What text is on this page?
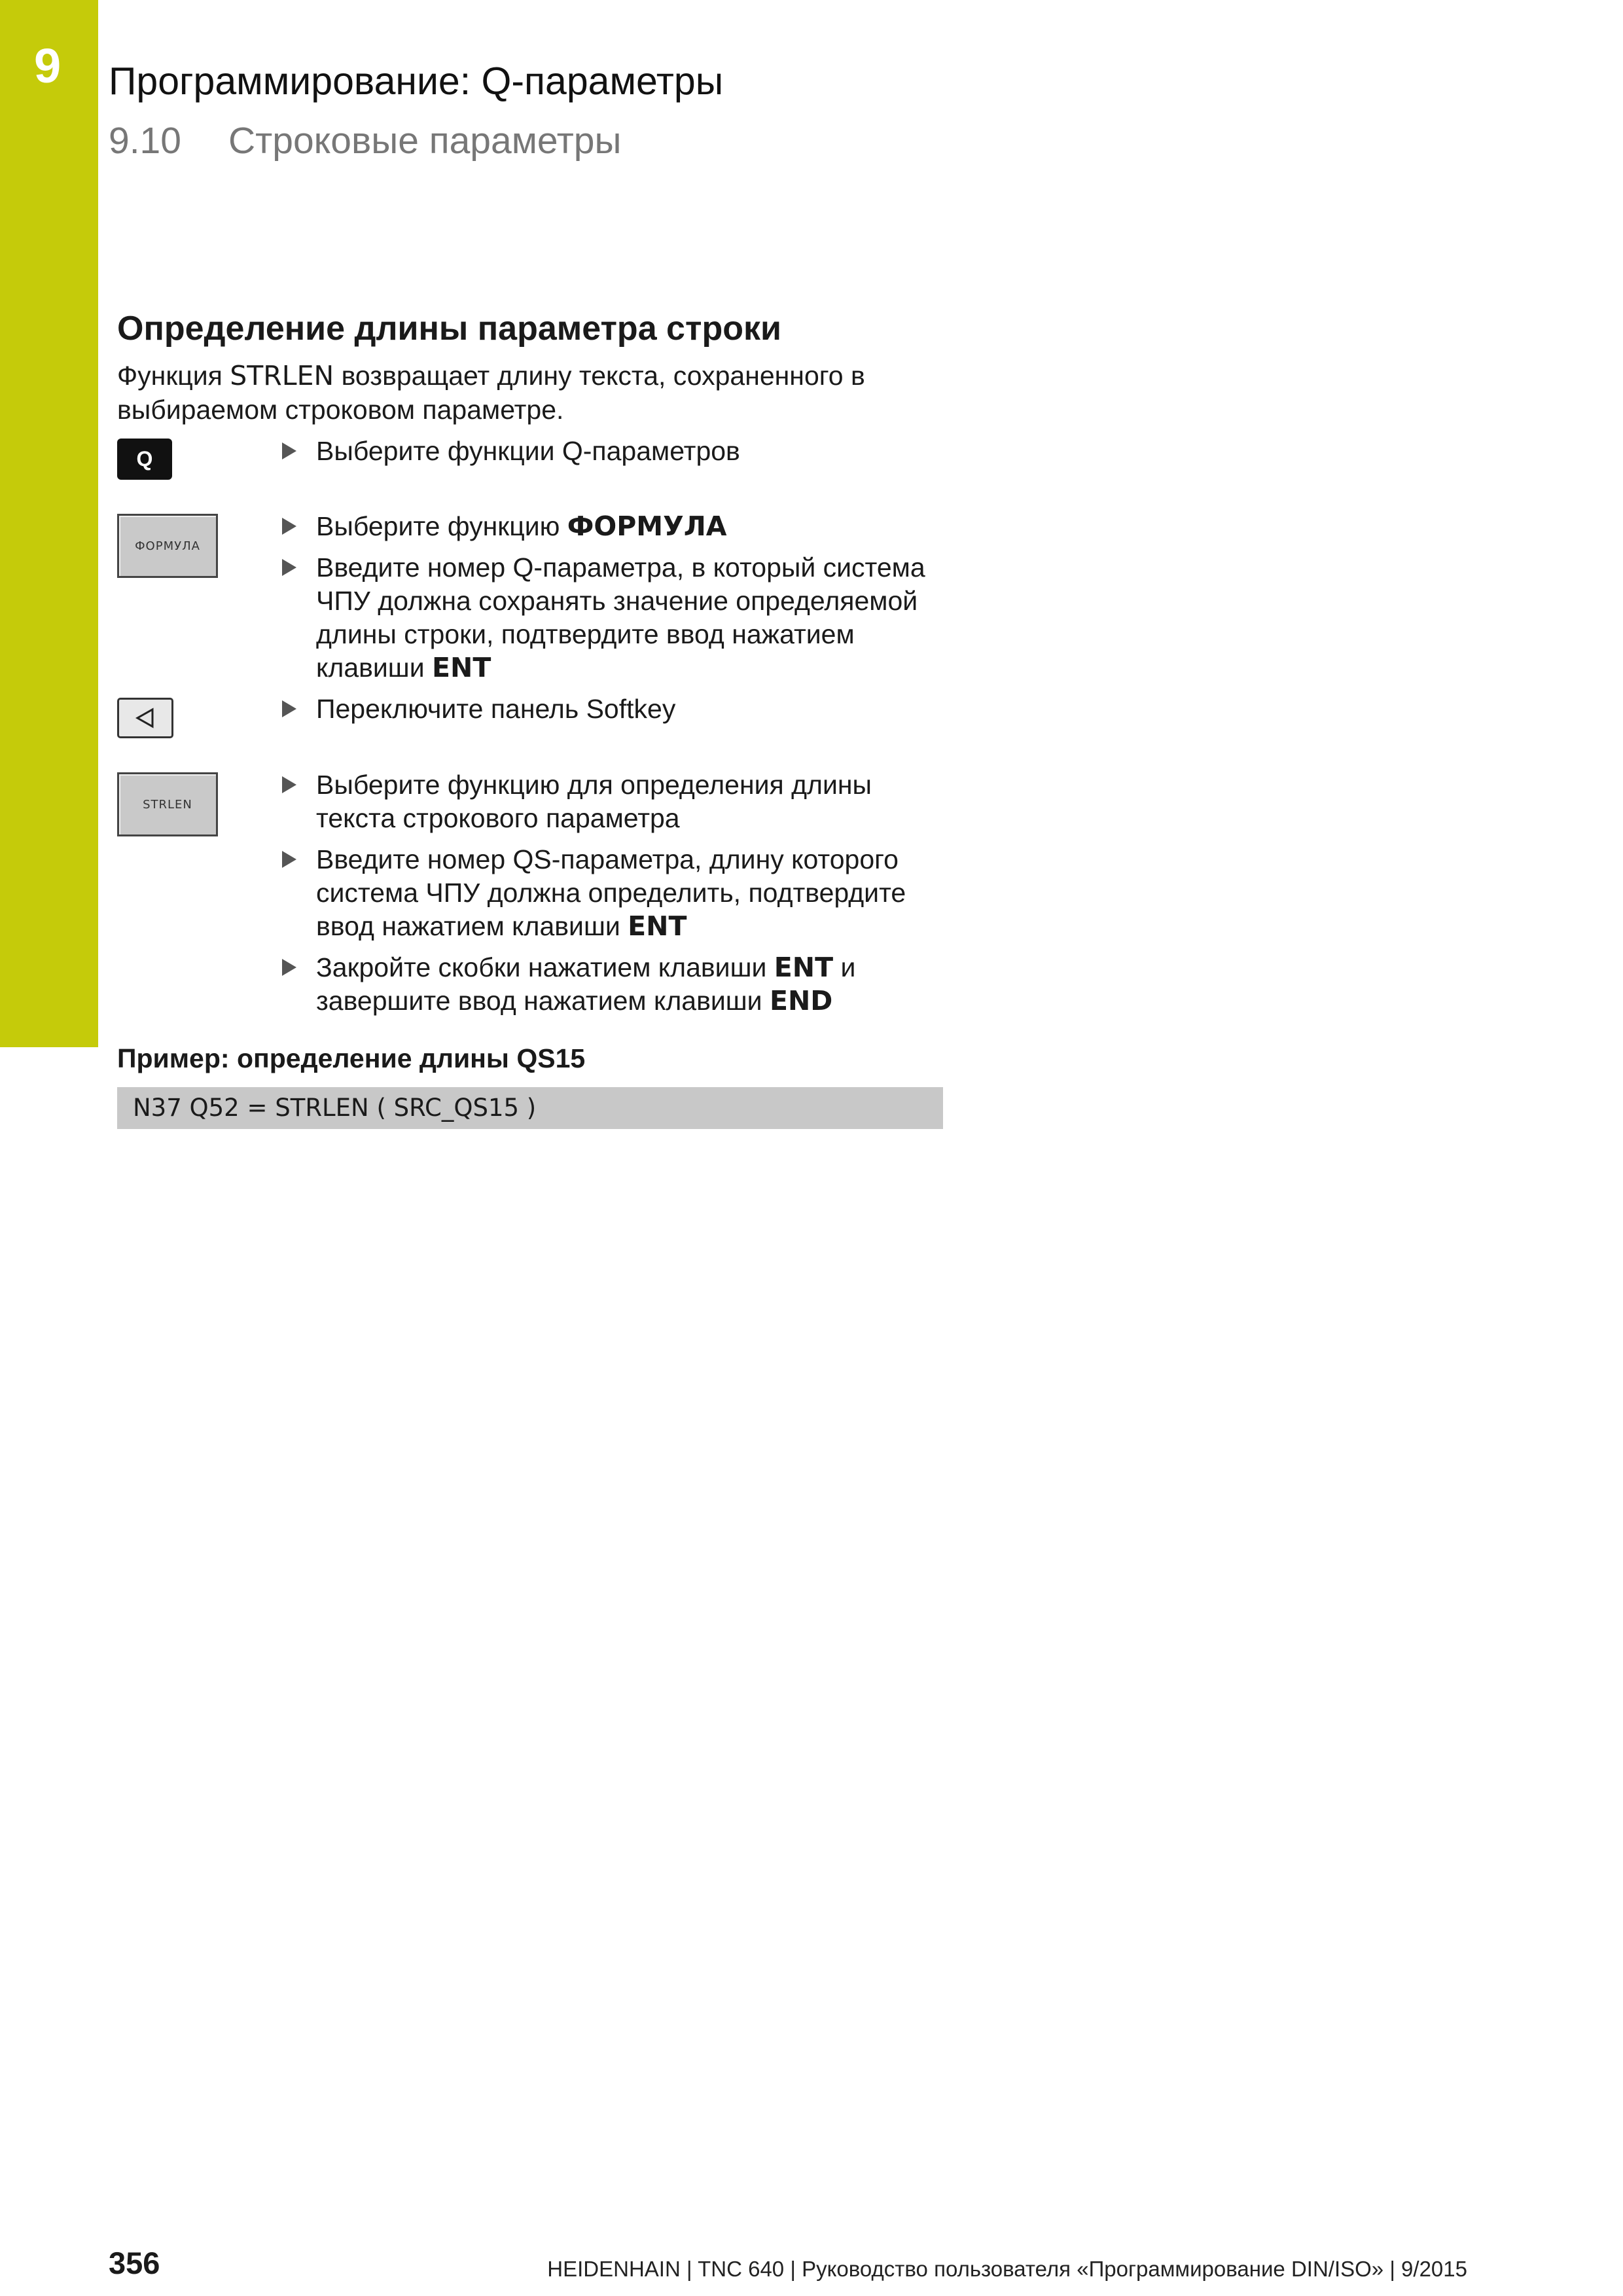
9 Программирование: Q-параметры
9.10 Строковые параметры
Определение длины параметра строки

Функция STRLEN возвращает длину текста, сохраненного в выбираемом строковом параметре.

Q	Выберите функции Q-параметров
ФОРМУЛА
Выберите функцию ФОРМУЛА
Введите номер Q-параметра, в который система ЧПУ должна сохранять значение определяемой длины строки, подтвердите ввод нажатием клавиши ENT
Переключите панель Softkey
STRLEN
Выберите функцию для определения длины текста строкового параметра
Введите номер QS-параметра, длину которого система ЧПУ должна определить, подтвердите ввод нажатием клавиши ENT
Закройте скобки нажатием клавиши ENT и завершите ввод нажатием клавиши END
Пример: определение длины QS15
N37 Q52 = STRLEN ( SRC_QS15 )
356	HEIDENHAIN | TNC 640 | Руководство пользователя «Программирование DIN/ISO» | 9/2015
